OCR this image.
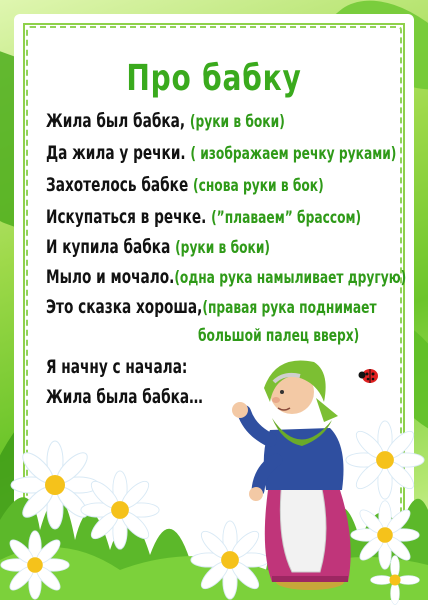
Про бабку
Жила был бабка, (руки в боки)
Да жила у речки. ( изображаем речку руками)
Захотелось бабке (снова руки в бок)
Искупаться в речке. (”плаваем” брассом)
И купила бабка (руки в боки)
Мыло и мочало.(одна рука намыливает другую)
Это сказка хороша,(правая рука поднимает
большой палец вверх)
Я начну с начала:
Жила была бабка…
